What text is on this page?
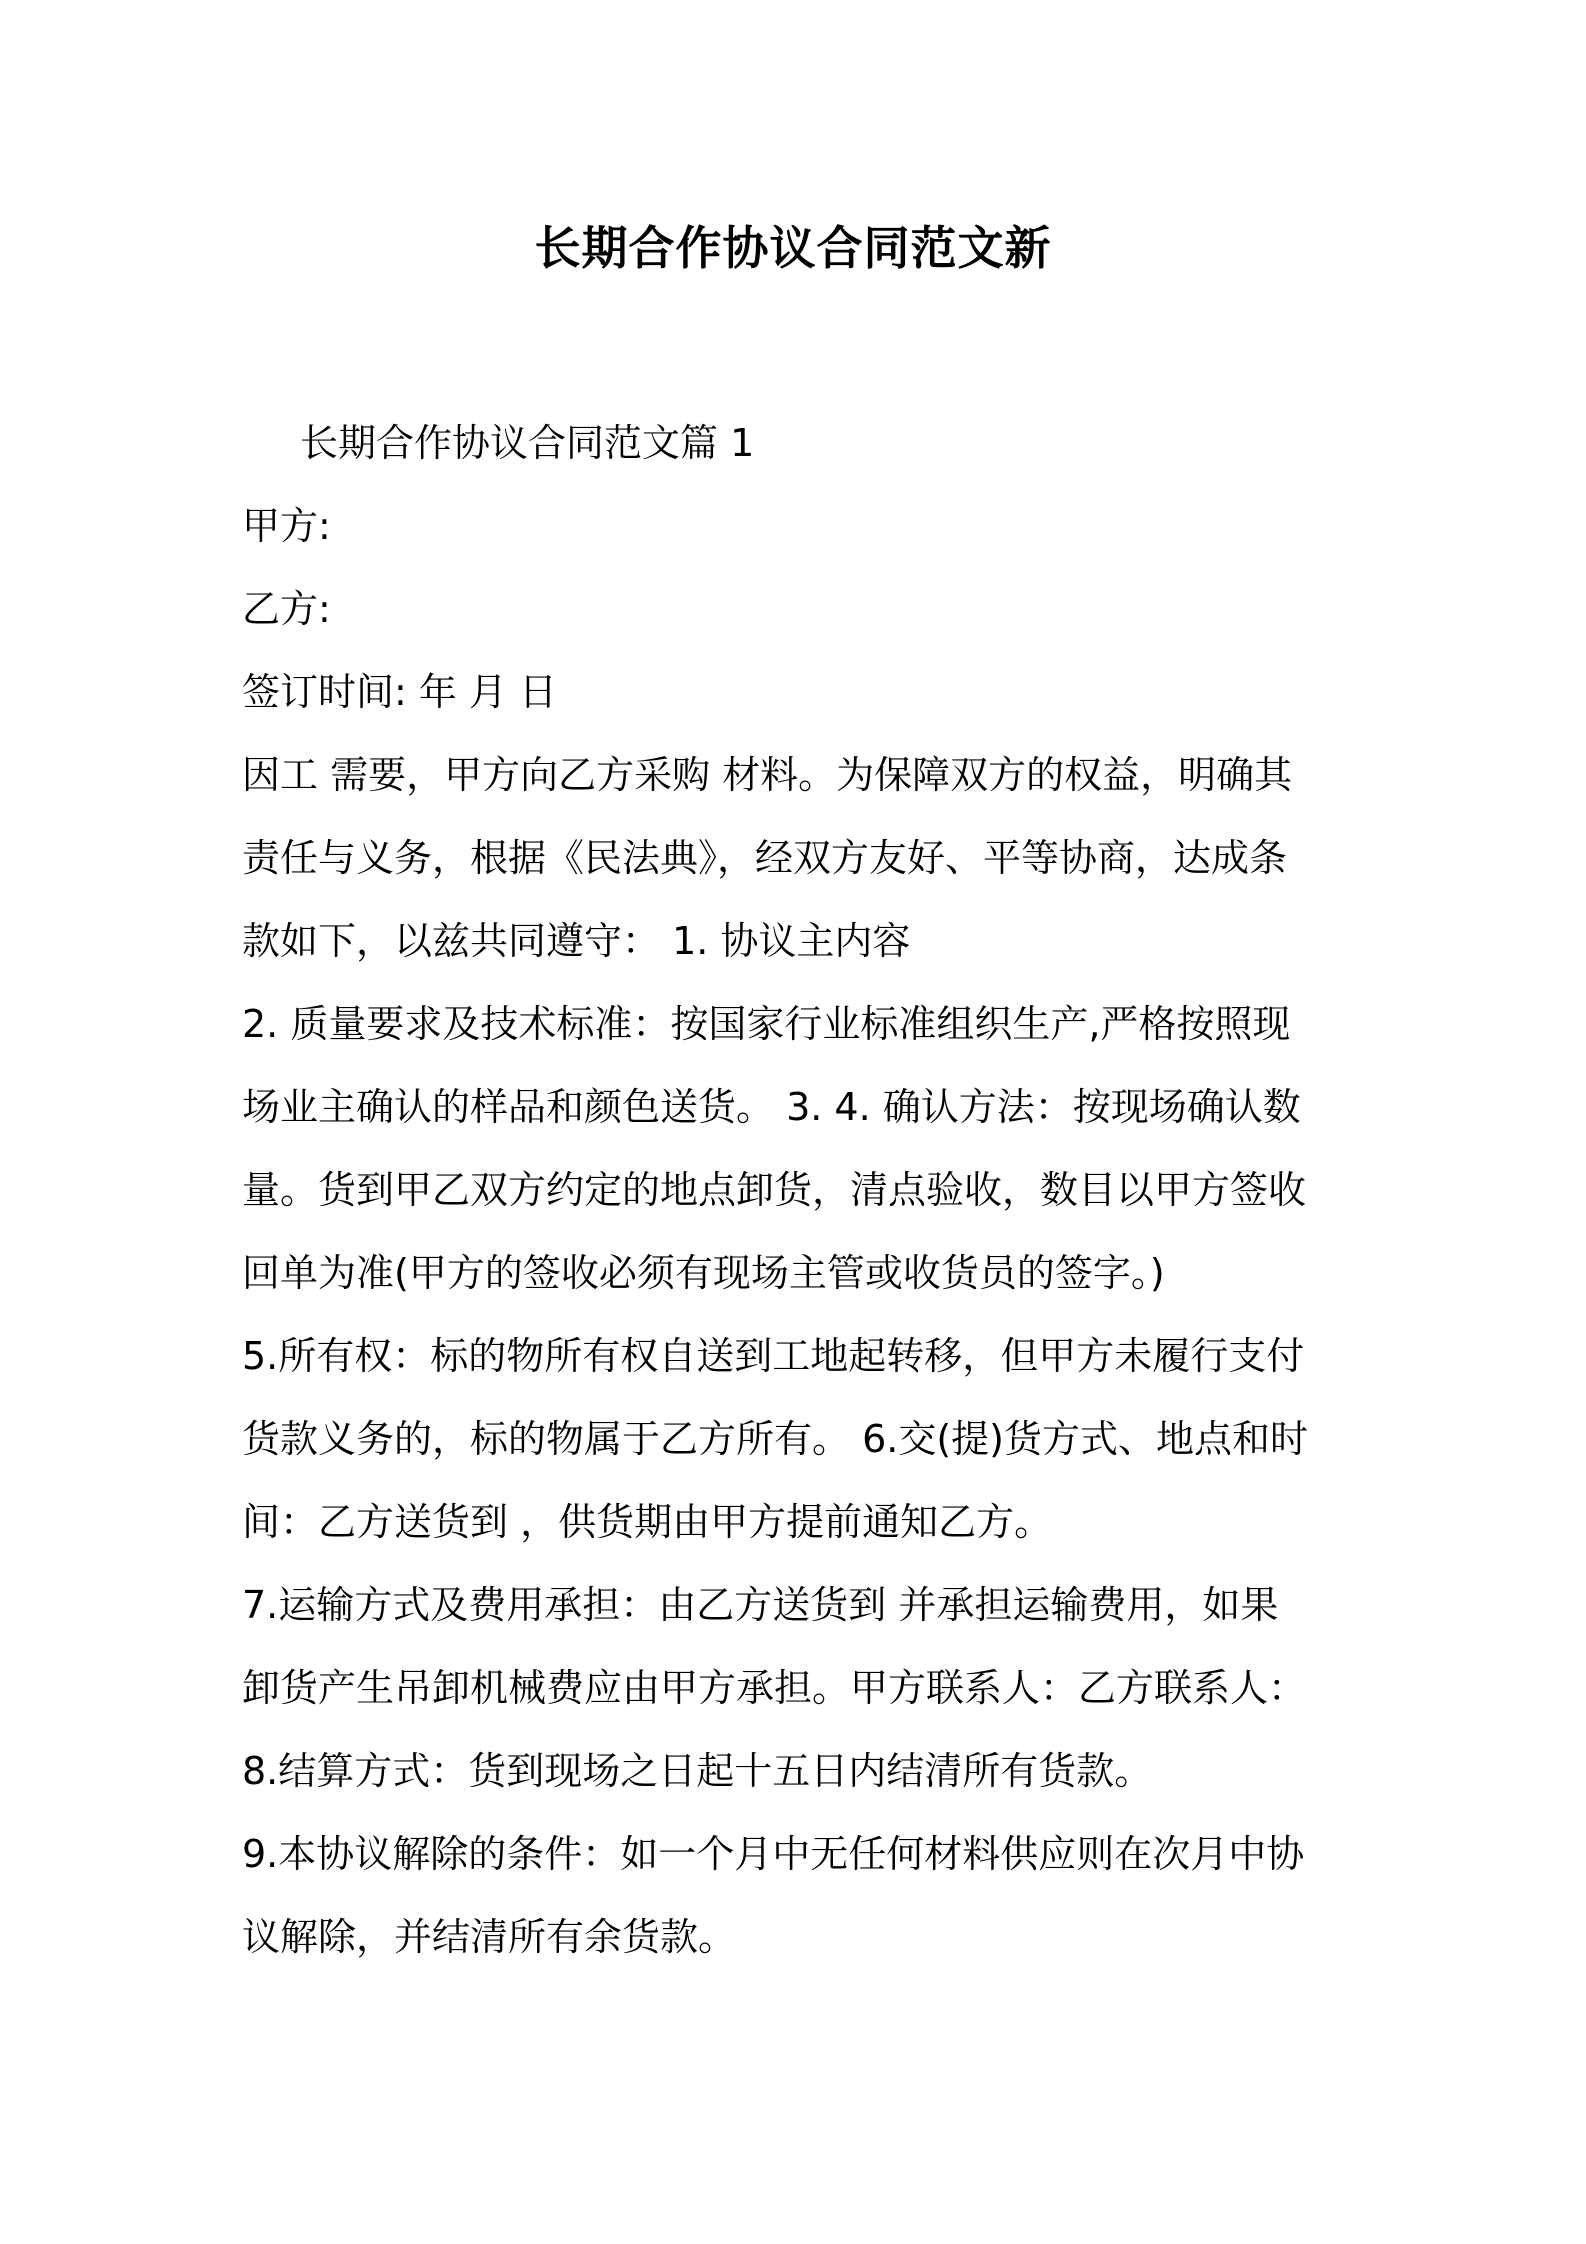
长期合作协议合同范文新
长期合作协议合同范文篇 1
甲方:
乙方:
签订时间: 年 月 日
因工 需要，甲方向乙方采购 材料。为保障双方的权益，明确其
责任与义务，根据《民法典》，经双方友好、平等协商，达成条
款如下，以兹共同遵守： 1. 协议主内容
2. 质量要求及技术标准：按国家行业标准组织生产,严格按照现
场业主确认的样品和颜色送货。 3. 4. 确认方法：按现场确认数
量。货到甲乙双方约定的地点卸货，清点验收，数目以甲方签收
回单为准(甲方的签收必须有现场主管或收货员的签字。)
5.所有权：标的物所有权自送到工地起转移，但甲方未履行支付
货款义务的，标的物属于乙方所有。 6.交(提)货方式、地点和时
间：乙方送货到 ，供货期由甲方提前通知乙方。
7.运输方式及费用承担：由乙方送货到 并承担运输费用，如果
卸货产生吊卸机械费应由甲方承担。甲方联系人：乙方联系人：
8.结算方式：货到现场之日起十五日内结清所有货款。
9.本协议解除的条件：如一个月中无任何材料供应则在次月中协
议解除，并结清所有余货款。
